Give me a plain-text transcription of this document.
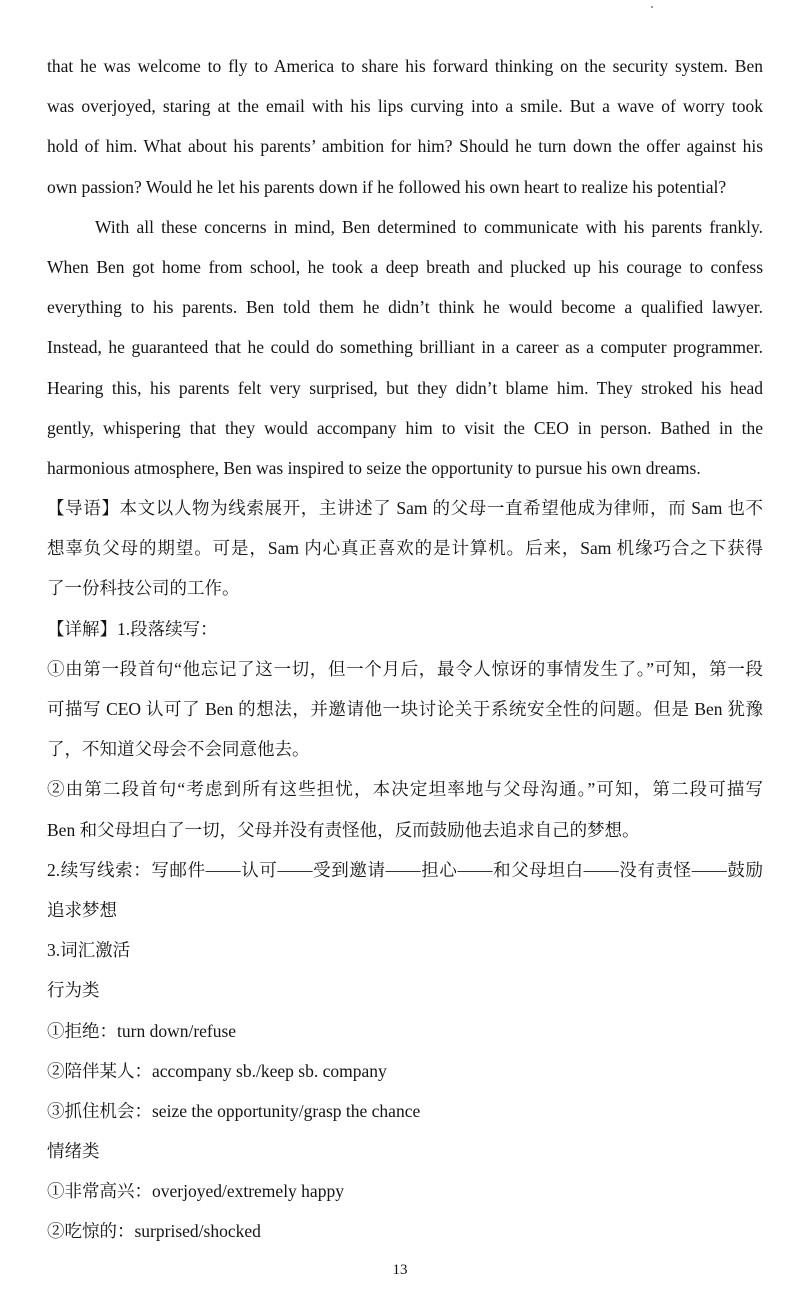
that he was welcome to fly to America to share his forward thinking on the security system. Ben
was overjoyed, staring at the email with his lips curving into a smile. But a wave of worry took
hold of him. What about his parents’ ambition for him? Should he turn down the offer against his
own passion? Would he let his parents down if he followed his own heart to realize his potential?
With all these concerns in mind, Ben determined to communicate with his parents frankly.
When Ben got home from school, he took a deep breath and plucked up his courage to confess
everything to his parents. Ben told them he didn’t think he would become a qualified lawyer.
Instead, he guaranteed that he could do something brilliant in a career as a computer programmer.
Hearing this, his parents felt very surprised, but they didn’t blame him. They stroked his head
gently, whispering that they would accompany him to visit the CEO in person. Bathed in the
harmonious atmosphere, Ben was inspired to seize the opportunity to pursue his own dreams.
【导语】本文以人物为线索展开，主讲述了 Sam 的父母一直希望他成为律师，而 Sam 也不
想辜负父母的期望。可是，Sam 内心真正喜欢的是计算机。后来，Sam 机缘巧合之下获得
了一份科技公司的工作。
【详解】1.段落续写：
①由第一段首句“他忘记了这一切，但一个月后，最令人惊讶的事情发生了。”可知，第一段
可描写 CEO 认可了 Ben 的想法，并邀请他一块讨论关于系统安全性的问题。但是 Ben 犹豫
了，不知道父母会不会同意他去。
②由第二段首句“考虑到所有这些担忧，本决定坦率地与父母沟通。”可知，第二段可描写
Ben 和父母坦白了一切，父母并没有责怪他，反而鼓励他去追求自己的梦想。
2.续写线索：写邮件——认可——受到邀请——担心——和父母坦白——没有责怪——鼓励
追求梦想
3.词汇激活
行为类
①拒绝：turn down/refuse
②陪伴某人：accompany sb./keep sb. company
③抓住机会：seize the opportunity/grasp the chance
情绪类
①非常高兴：overjoyed/extremely happy
②吃惊的：surprised/shocked
13
